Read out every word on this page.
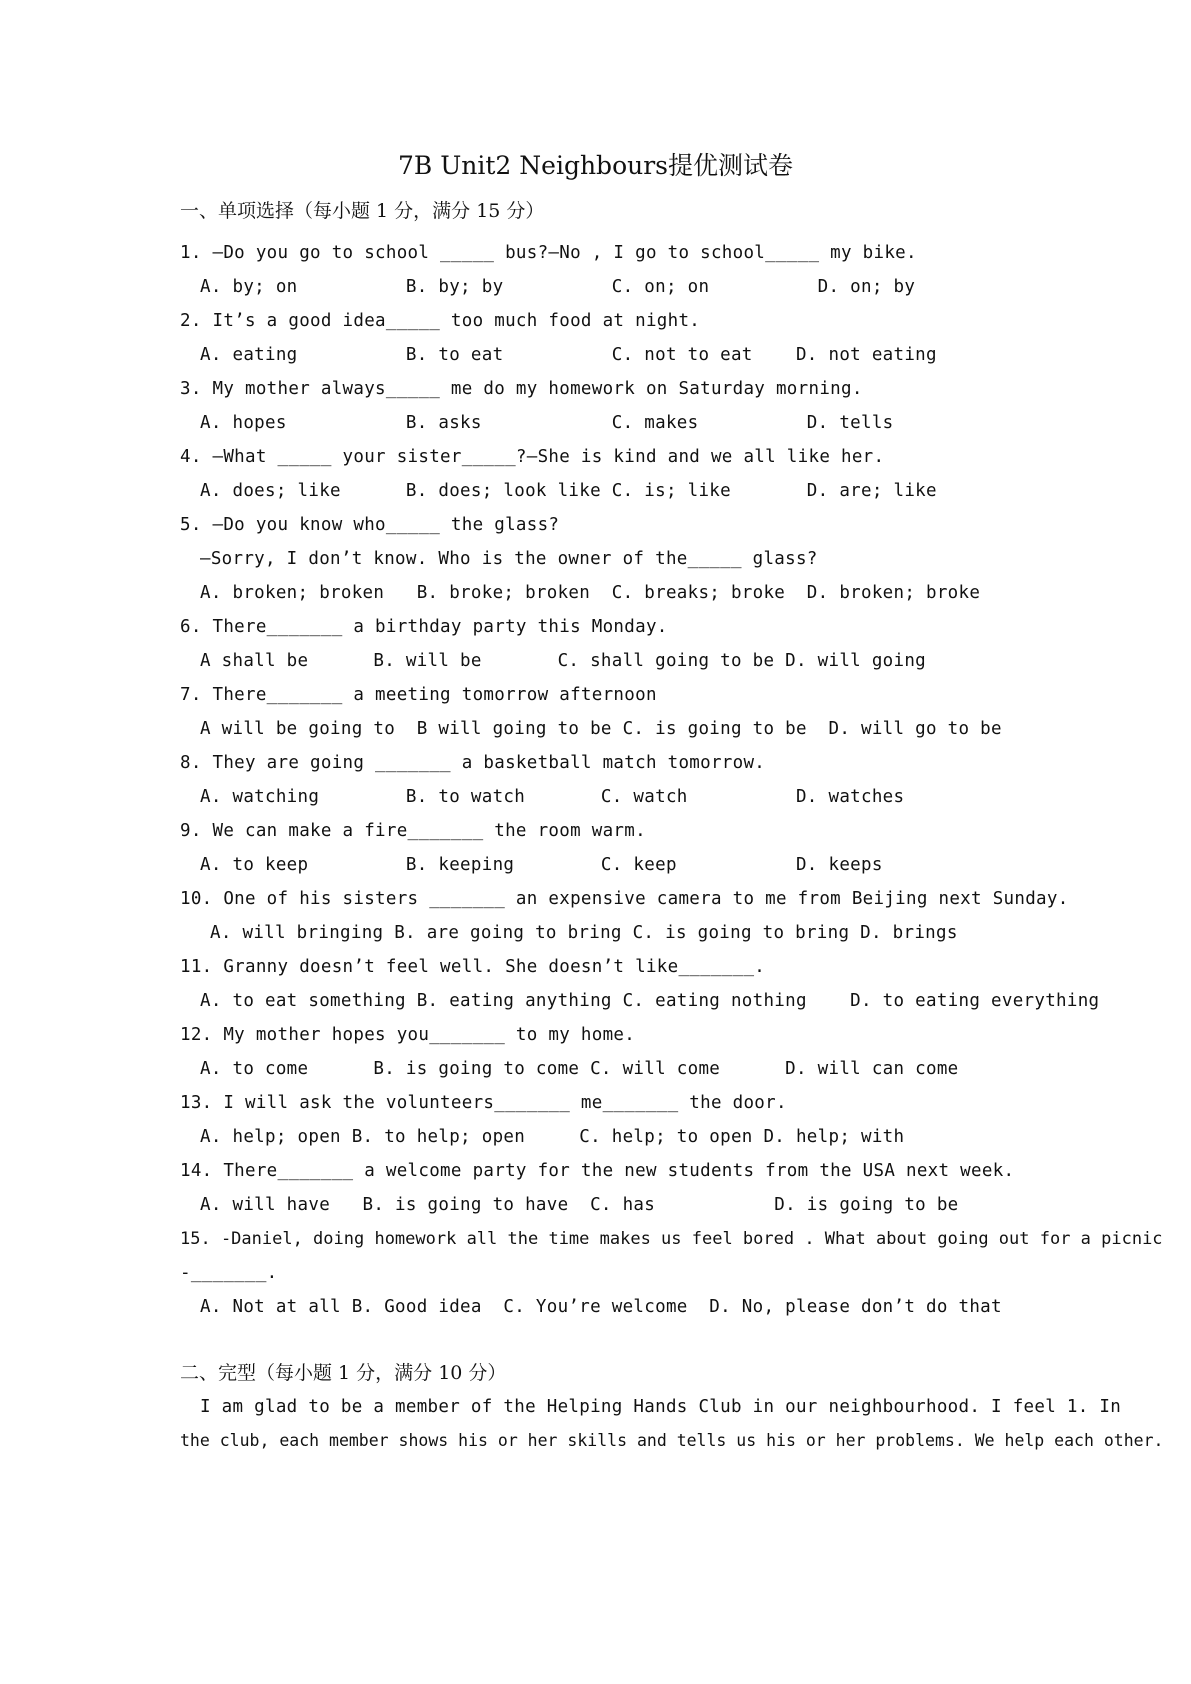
7B Unit2 Neighbours提优测试卷
一、单项选择（每小题 1 分，满分 15 分）
1. —Do you go to school _____ bus?—No , I go to school_____ my bike.
A. by; on          B. by; by          C. on; on          D. on; by
2. It’s a good idea_____ too much food at night.
A. eating          B. to eat          C. not to eat    D. not eating
3. My mother always_____ me do my homework on Saturday morning.
A. hopes           B. asks            C. makes          D. tells
4. —What _____ your sister_____?—She is kind and we all like her.
A. does; like      B. does; look like C. is; like       D. are; like
5. —Do you know who_____ the glass?
—Sorry, I don’t know. Who is the owner of the_____ glass?
A. broken; broken   B. broke; broken  C. breaks; broke  D. broken; broke
6. There_______ a birthday party this Monday.
A shall be      B. will be       C. shall going to be D. will going
7. There_______ a meeting tomorrow afternoon
A will be going to  B will going to be C. is going to be  D. will go to be
8. They are going _______ a basketball match tomorrow.
A. watching        B. to watch       C. watch          D. watches
9. We can make a fire_______ the room warm.
A. to keep         B. keeping        C. keep           D. keeps
10. One of his sisters _______ an expensive camera to me from Beijing next Sunday.
A. will bringing B. are going to bring C. is going to bring D. brings
11. Granny doesn’t feel well. She doesn’t like_______.
A. to eat something B. eating anything C. eating nothing    D. to eating everything
12. My mother hopes you_______ to my home.
A. to come      B. is going to come C. will come      D. will can come
13. I will ask the volunteers_______ me_______ the door.
A. help; open B. to help; open     C. help; to open D. help; with
14. There_______ a welcome party for the new students from the USA next week.
A. will have   B. is going to have  C. has           D. is going to be
15. -Daniel, doing homework all the time makes us feel bored . What about going out for a picnic
-_______.
A. Not at all B. Good idea  C. You’re welcome  D. No, please don’t do that
二、完型（每小题 1 分，满分 10 分）
I am glad to be a member of the Helping Hands Club in our neighbourhood. I feel 1. In
the club, each member shows his or her skills and tells us his or her problems. We help each other.
